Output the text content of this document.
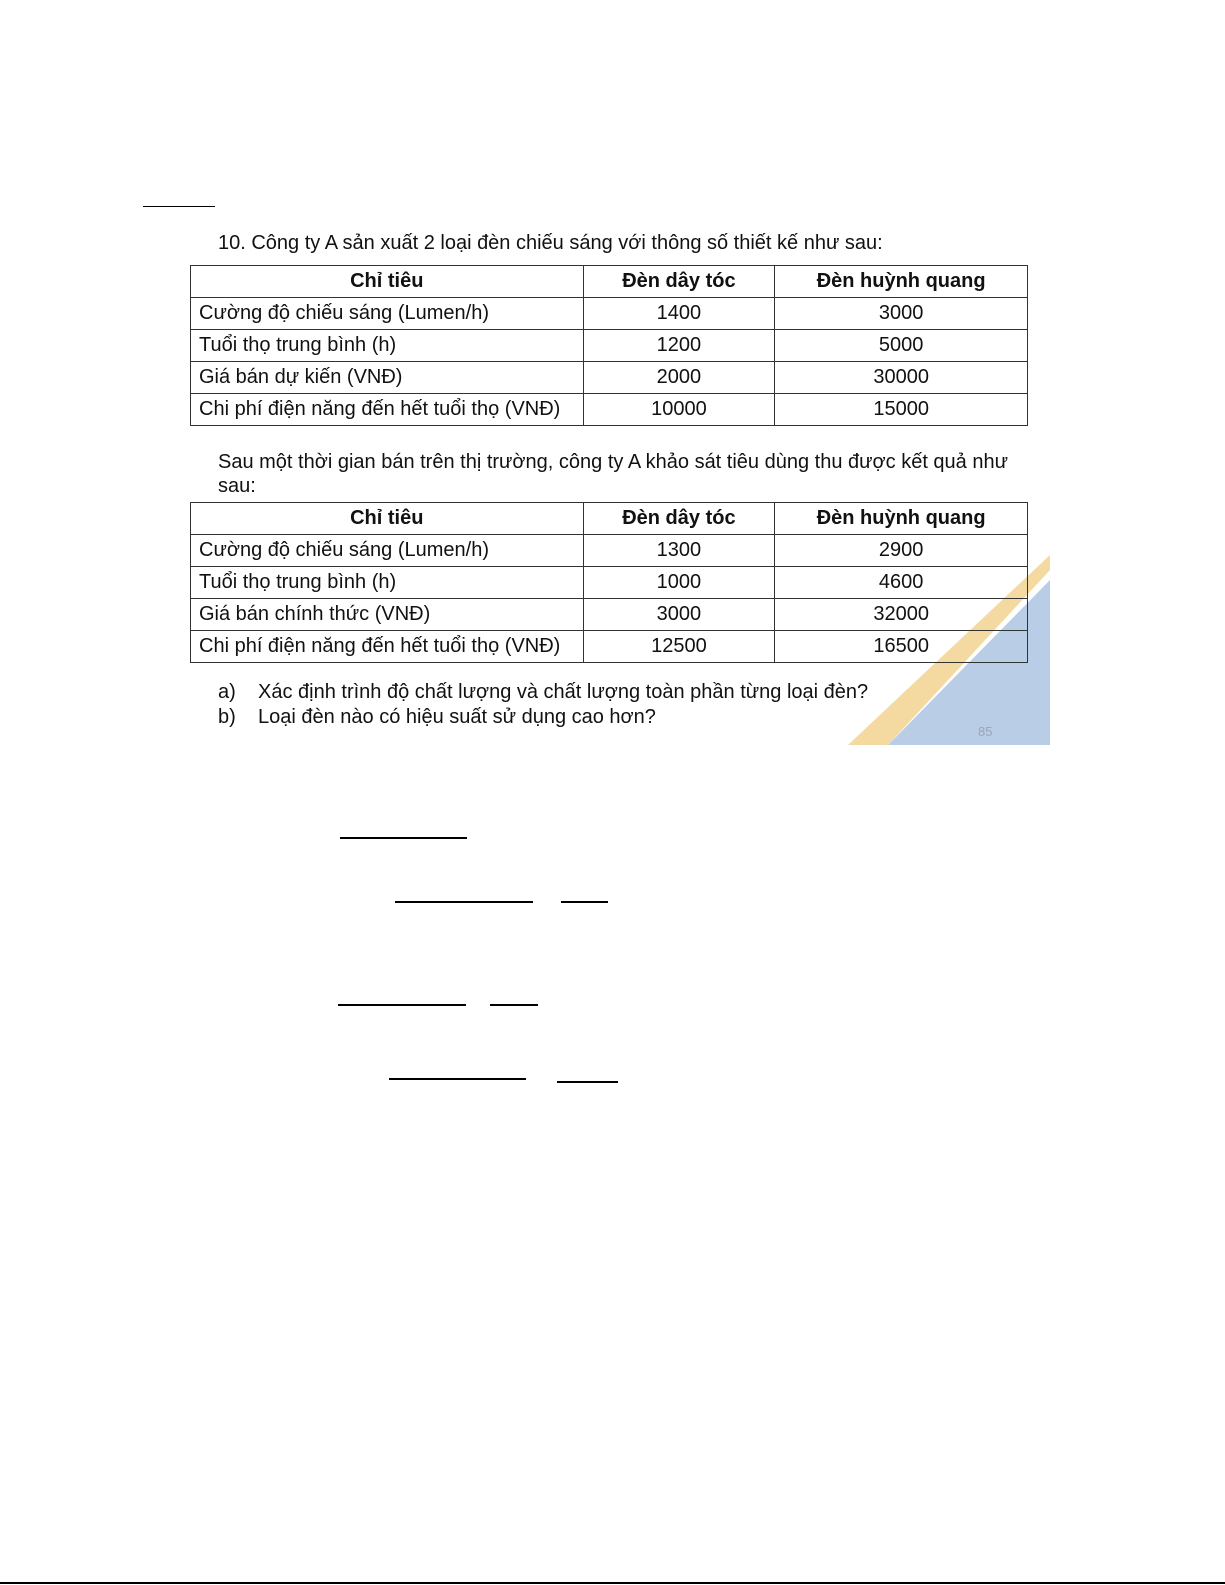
10. Công ty A sản xuất 2 loại đèn chiếu sáng với thông số thiết kế như sau:
Chỉ tiêu	Đèn dây tóc	Đèn huỳnh quang
Cường độ chiếu sáng (Lumen/h)	1400	3000
Tuổi thọ trung bình (h)	1200	5000
Giá bán dự kiến (VNĐ)	2000	30000
Chi phí điện năng đến hết tuổi thọ (VNĐ)	10000	15000
Sau một thời gian bán trên thị trường, công ty A khảo sát tiêu dùng thu được kết quả như sau:
Chỉ tiêu	Đèn dây tóc	Đèn huỳnh quang
Cường độ chiếu sáng (Lumen/h)	1300	2900
Tuổi thọ trung bình (h)	1000	4600
Giá bán chính thức (VNĐ)	3000	32000
Chi phí điện năng đến hết tuổi thọ (VNĐ)	12500	16500
a)	Xác định trình độ chất lượng và chất lượng toàn phần từng loại đèn?
b)	Loại đèn nào có hiệu suất sử dụng cao hơn?
85
